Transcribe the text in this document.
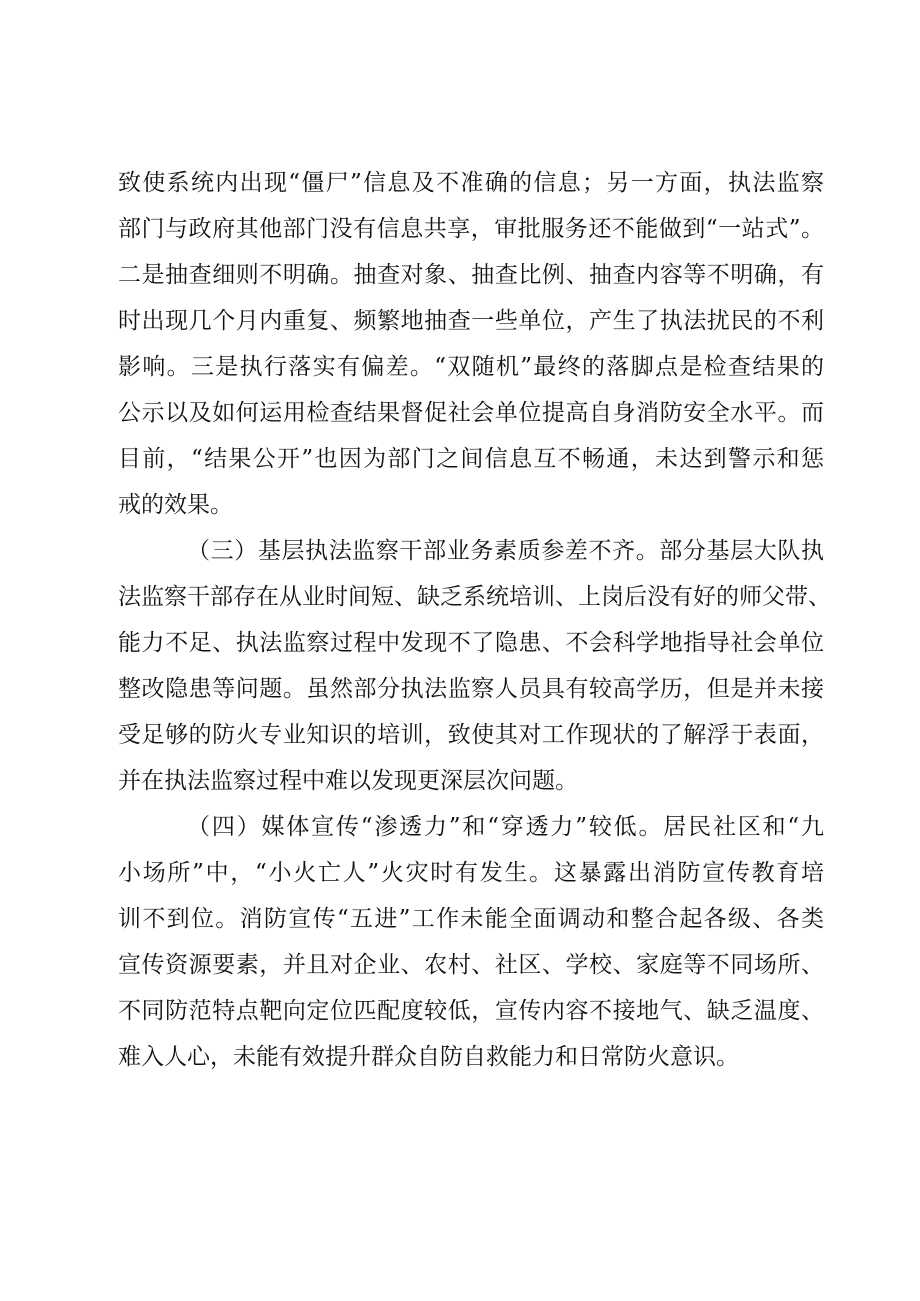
致使系统内出现“僵尸”信息及不准确的信息；另一方面，执法监察
部门与政府其他部门没有信息共享，审批服务还不能做到“一站式”。
二是抽查细则不明确。抽查对象、抽查比例、抽查内容等不明确，有
时出现几个月内重复、频繁地抽查一些单位，产生了执法扰民的不利
影响。三是执行落实有偏差。“双随机”最终的落脚点是检查结果的
公示以及如何运用检查结果督促社会单位提高自身消防安全水平。而
目前，“结果公开”也因为部门之间信息互不畅通，未达到警示和惩
戒的效果。
（三）基层执法监察干部业务素质参差不齐。部分基层大队执
法监察干部存在从业时间短、缺乏系统培训、上岗后没有好的师父带、
能力不足、执法监察过程中发现不了隐患、不会科学地指导社会单位
整改隐患等问题。虽然部分执法监察人员具有较高学历，但是并未接
受足够的防火专业知识的培训，致使其对工作现状的了解浮于表面，
并在执法监察过程中难以发现更深层次问题。
（四）媒体宣传“渗透力”和“穿透力”较低。居民社区和“九
小场所”中，“小火亡人”火灾时有发生。这暴露出消防宣传教育培
训不到位。消防宣传“五进”工作未能全面调动和整合起各级、各类
宣传资源要素，并且对企业、农村、社区、学校、家庭等不同场所、
不同防范特点靶向定位匹配度较低，宣传内容不接地气、缺乏温度、
难入人心，未能有效提升群众自防自救能力和日常防火意识。
